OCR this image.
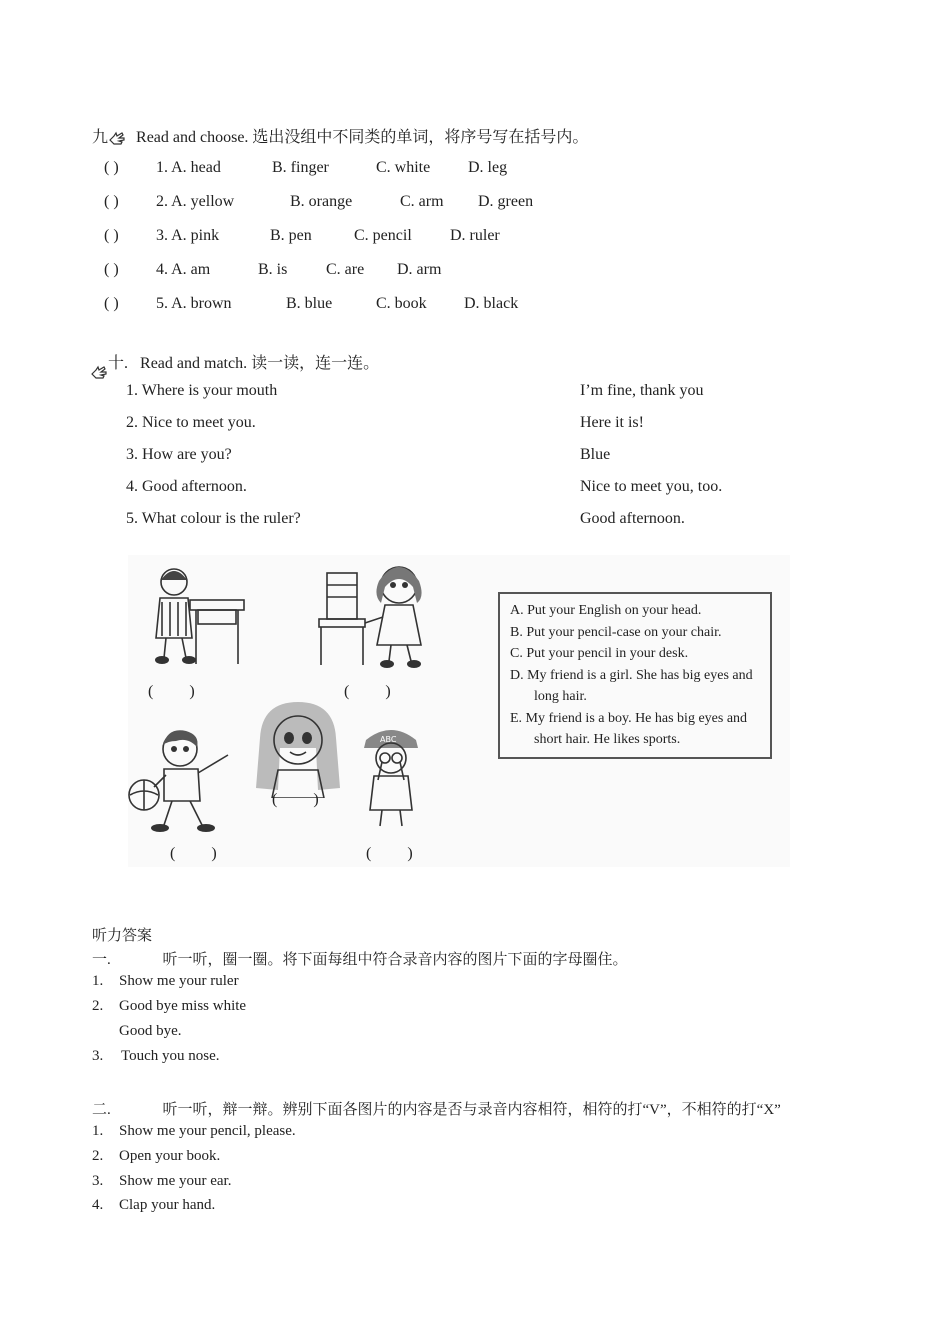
九 Read and choose. 选出没组中不同类的单词，将序号写在括号内。
( ) 1. A. head	B. finger	C. white D. leg
( ) 2. A. yellow	B. orange	C. arm D. green
( ) 3. A. pink	B. pen	C. pencil D. ruler
( ) 4. A. am	B. is C. are D. arm
( ) 5. A. brown	B. blue	C. book D. black
十. Read and match. 读一读，连一连。
1. Where is your mouth
2. Nice to meet you.
3. How are you?
4. Good afternoon.
5. What colour is the ruler?
I’m fine, thank you
Here it is!
Blue
Nice to meet you, too.
Good afternoon.
ABC
( )	( )
( )
( )	( )

A. Put your English on your head.

B. Put your pencil-case on your chair.

C. Put your pencil in your desk.

D. My friend is a girl. She has big eyes and long hair.

E. My friend is a boy. He has big eyes and short hair. He likes sports.

听力答案
一.	听一听，圈一圈。将下面每组中符合录音内容的图片下面的字母圈住。
1. Show me your ruler
2. Good bye miss white
Good bye.
3. Touch you nose.
二.	听一听，辩一辩。辨别下面各图片的内容是否与录音内容相符，相符的打“V”，不相符的打“X”
1. Show me your pencil, please.
2. Open your book.
3. Show me your ear.
4. Clap your hand.
